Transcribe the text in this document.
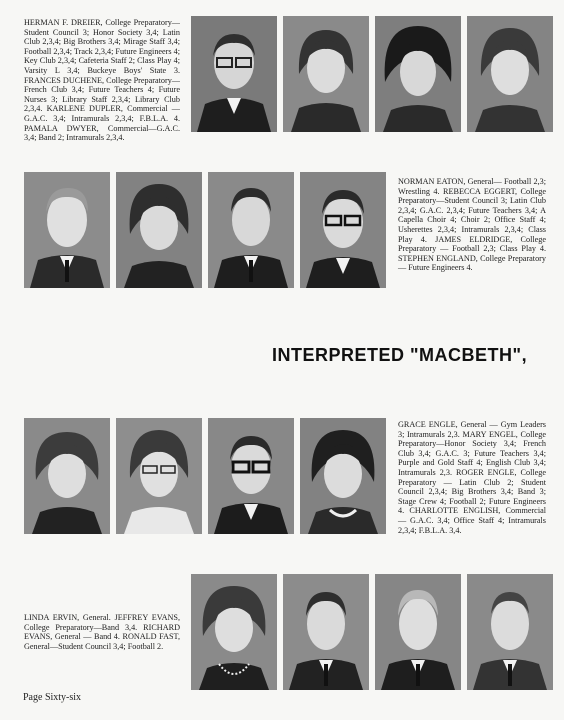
HERMAN F. DREIER, College Preparatory—Student Council 3; Honor Society 3,4; Latin Club 2,3,4; Big Brothers 3,4; Mirage Staff 3,4; Football 2,3,4; Track 2,3,4; Future Engineers 4; Key Club 2,3,4; Cafeteria Staff 2; Class Play 4; Varsity L 3,4; Buckeye Boys' State 3. FRANCES DUCHENE, College Preparatory—French Club 3,4; Future Teachers 4; Future Nurses 3; Library Staff 2,3,4; Library Club 2,3,4. KARLENE DUPLER, Commercial — G.A.C. 3,4; Intramurals 2,3,4; F.B.L.A. 4. PAMALA DWYER, Commercial—G.A.C. 3,4; Band 2; Intramurals 2,3,4.
NORMAN EATON, General— Football 2,3; Wrestling 4. REBECCA EGGERT, College Preparatory—Student Council 3; Latin Club 2,3,4; G.A.C. 2,3,4; Future Teachers 3,4; A Capella Choir 4; Choir 2; Office Staff 4; Usherettes 2,3,4; Intramurals 2,3,4; Class Play 4. JAMES ELDRIDGE, College Preparatory — Football 2,3; Class Play 4. STEPHEN ENGLAND, College Preparatory — Future Engineers 4.
INTERPRETED "MACBETH",
GRACE ENGLE, General — Gym Leaders 3; Intramurals 2,3. MARY ENGEL, College Preparatory—Honor Society 3,4; French Club 3,4; G.A.C. 3; Future Teachers 3,4; Purple and Gold Staff 4; English Club 3,4; Intramurals 2,3. ROGER ENGLE, College Preparatory — Latin Club 2; Student Council 2,3,4; Big Brothers 3,4; Band 3; Stage Crew 4; Football 2; Future Engineers 4. CHARLOTTE ENGLISH, Commercial — G.A.C. 3,4; Office Staff 4; Intramurals 2,3,4; F.B.L.A. 3,4.
LINDA ERVIN, General. JEFFREY EVANS, College Preparatory—Band 3,4. RICHARD EVANS, General — Band 4. RONALD FAST, General—Student Council 3,4; Football 2.
Page Sixty-six
